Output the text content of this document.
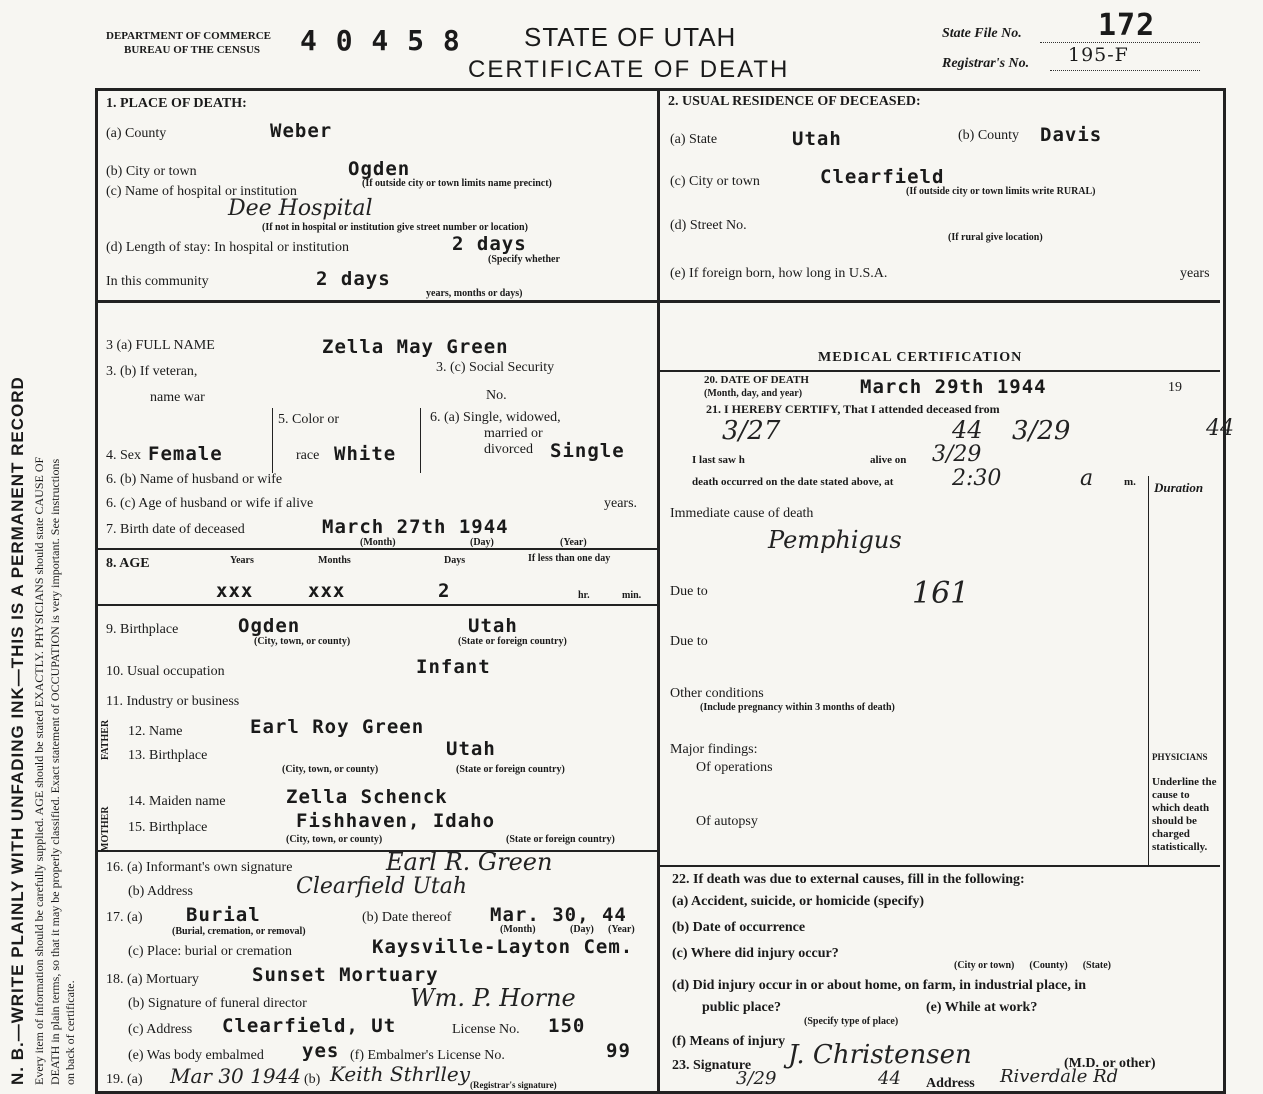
N. B.—WRITE PLAINLY WITH UNFADING INK—THIS IS A PERMANENT RECORD Every item of information should be carefully supplied. AGE should be stated EXACTLY. PHYSICIANS should state CAUSE OF DEATH in plain terms, so that it may be properly classified. Exact statement of OCCUPATION is very important. See instructions on back of certificate.
DEPARTMENT OF COMMERCE
BUREAU OF THE CENSUS 4 0 4 5 8 STATE OF UTAH
CERTIFICATE OF DEATH
State File No.	172
Registrar's No. 195-F
1. PLACE OF DEATH:
(a) County	Weber
(b) City or town	Ogden
(c) Name of hospital or institution
(If outside city or town limits name precinct)
Dee Hospital
(If not in hospital or institution give street number or location)
(d) Length of stay: In hospital or institution	2 days
(Specify whether
In this community	2 days
years, months or days)
3 (a) FULL NAME	Zella May Green
3. (b) If veteran,
name war
3. (c) Social Security
No.
5. Color or	6. (a) Single, widowed,
married or
divorced
4. Sex Female	race White	Single
6. (b) Name of husband or wife
6. (c) Age of husband or wife if alive	years.
7. Birth date of deceased	March 27th 1944
(Month)	(Day)	(Year)
8. AGE	Years	Months	Days	If less than one day
xxx	xxx	2	hr.	min.
9. Birthplace	Ogden	Utah
(City, town, or county)	(State or foreign country)
10. Usual occupation	Infant
11. Industry or business
FATHER 12. Name	Earl Roy Green
13. Birthplace	Utah
(City, town, or county)	(State or foreign country)
MOTHER
14. Maiden name	Zella Schenck
15. Birthplace	Fishhaven, Idaho
(City, town, or county)	(State or foreign country)
16. (a) Informant's own signature	Earl R. Green
(b) Address	Clearfield Utah
17. (a) Burial
(Burial, cremation, or removal)
(b) Date thereof Mar. 30, 44
(Month)	(Day) (Year)
(c) Place: burial or cremation	Kaysville-Layton Cem.
18. (a) Mortuary	Sunset Mortuary
(b) Signature of funeral director	Wm. P. Horne
(c) Address Clearfield, Ut	License No. 150
(e) Was body embalmed yes (f) Embalmer's License No.	99
19. (a) Mar 30 1944 (b) Keith Sthrlley (Registrar's signature)
2. USUAL RESIDENCE OF DECEASED:
(a) State	Utah	(b) County Davis
(c) City or town	Clearfield
(If outside city or town limits write RURAL)
(d) Street No.
(If rural give location)
(e) If foreign born, how long in U.S.A.	years
MEDICAL CERTIFICATION
20. DATE OF DEATH
(Month, day, and year)	March 29th 1944	19
21. I HEREBY CERTIFY, That I attended deceased from
3/27	44 3/29	44
I last saw h	alive on 3/29
death occurred on the date stated above, at	2:30	a	m. Duration
Immediate cause of death
Pemphigus
Due to	161
Due to
Other conditions
(Include pregnancy within 3 months of death)
Major findings:
Of operations
Of autopsy
PHYSICIANS
Underline the cause to which death should be charged statistically.
22. If death was due to external causes, fill in the following:
(a) Accident, suicide, or homicide (specify)
(b) Date of occurrence
(c) Where did injury occur?
(City or town)      (County)      (State)
(d) Did injury occur in or about home, on farm, in industrial place, in
public place?	(e) While at work?
(Specify type of place)
(f) Means of injury
23. Signature J. Christensen	(M.D. or other)
3/29	44 Address Riverdale Rd
